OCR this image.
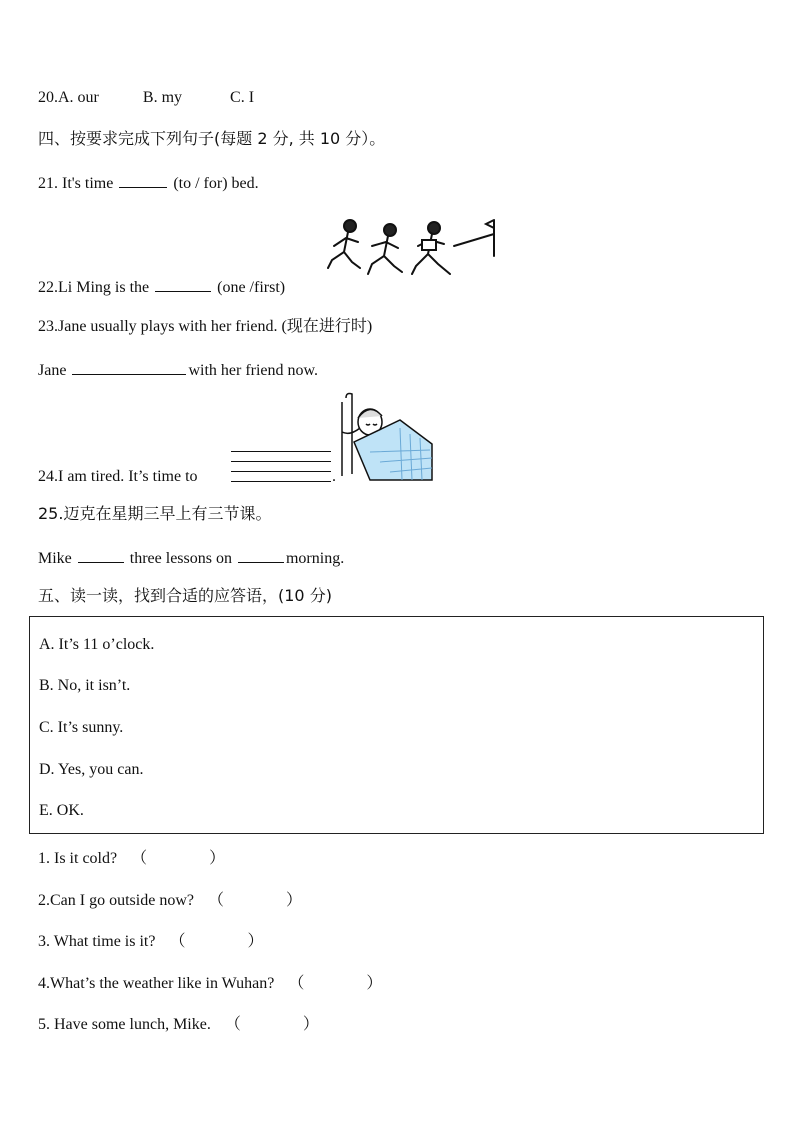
20.A. our	B. my	C. I
四、按要求完成下列句子(每题 2 分, 共 10 分）。
21. It's time	(to / for) bed.
22.Li Ming is the	(one /first)
23.Jane usually plays with her friend. (现在进行时)
Jane	with her friend now.
24.I am tired. It’s time to	.
25.迈克在星期三早上有三节课。
Mike	three lessons on	morning.
五、读一读，找到合适的应答语，(10 分)
A. It’s 11 o’clock.
B. No, it isn’t.
C. It’s sunny.
D. Yes, you can.
E. OK.
1. Is it cold? （	）
2.Can I go outside now? （	）
3. What time is it? （	）
4.What’s the weather like in Wuhan? （	）
5. Have some lunch, Mike. （	）
